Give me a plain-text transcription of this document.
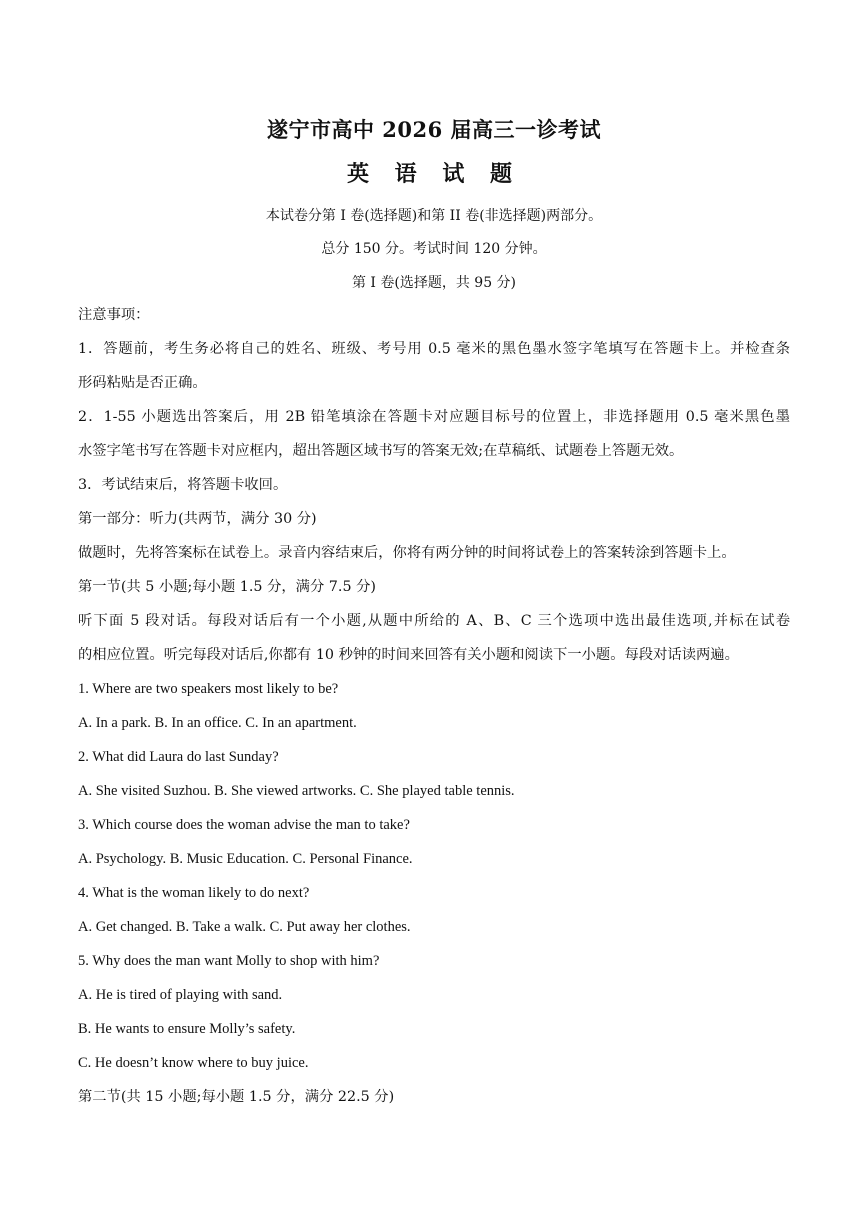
遂宁市高中 2026 届高三一诊考试
英 语 试 题
本试卷分第 I 卷(选择题)和第 II 卷(非选择题)两部分。
总分 150 分。考试时间 120 分钟。
第 I 卷(选择题，共 95 分)
注意事项：
1．答题前，考生务必将自己的姓名、班级、考号用 0.5 毫米的黑色墨水签字笔填写在答题卡上。并检查条
形码粘贴是否正确。
2．1-55 小题选出答案后，用 2B 铅笔填涂在答题卡对应题目标号的位置上，非选择题用 0.5 毫米黑色墨
水签字笔书写在答题卡对应框内，超出答题区域书写的答案无效;在草稿纸、试题卷上答题无效。
3．考试结束后，将答题卡收回。
第一部分：听力(共两节，满分 30 分)
做题时，先将答案标在试卷上。录音内容结束后，你将有两分钟的时间将试卷上的答案转涂到答题卡上。
第一节(共 5 小题;每小题 1.5 分，满分 7.5 分)
听下面 5 段对话。每段对话后有一个小题,从题中所给的 A、B、C 三个选项中选出最佳选项,并标在试卷
的相应位置。听完每段对话后,你都有 10 秒钟的时间来回答有关小题和阅读下一小题。每段对话读两遍。
1. Where are two speakers most likely to be?
A. In a park. B. In an office. C. In an apartment.
2. What did Laura do last Sunday?
A. She visited Suzhou. B. She viewed artworks. C. She played table tennis.
3. Which course does the woman advise the man to take?
A. Psychology. B. Music Education. C. Personal Finance.
4. What is the woman likely to do next?
A. Get changed. B. Take a walk. C. Put away her clothes.
5. Why does the man want Molly to shop with him?
A. He is tired of playing with sand.
B. He wants to ensure Molly’s safety.
C. He doesn’t know where to buy juice.
第二节(共 15 小题;每小题 1.5 分，满分 22.5 分)
